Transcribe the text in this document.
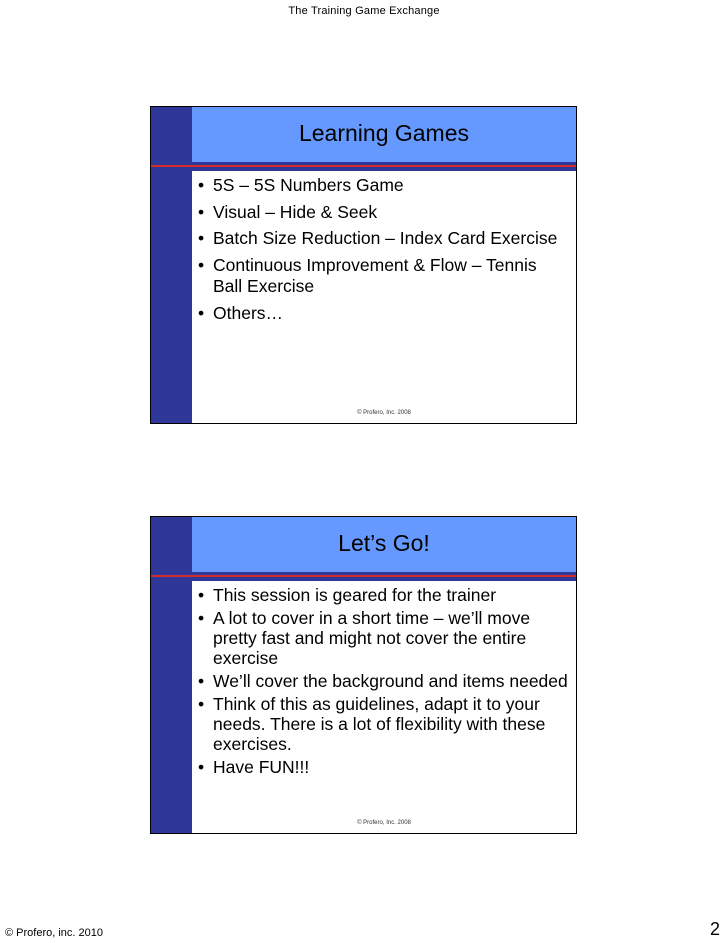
The Training Game Exchange
Learning Games
• 5S – 5S Numbers Game
• Visual – Hide & Seek
• Batch Size Reduction – Index Card Exercise
• Continuous Improvement & Flow – Tennis Ball Exercise
• Others…
© Profero, Inc. 2008
Let’s Go!
• This session is geared for the trainer
• A lot to cover in a short time – we’ll move pretty fast and might not cover the entire exercise
• We’ll cover the background and items needed
• Think of this as guidelines, adapt it to your needs. There is a lot of flexibility with these exercises.
• Have FUN!!!
© Profero, Inc. 2008
© Profero, inc. 2010	2
